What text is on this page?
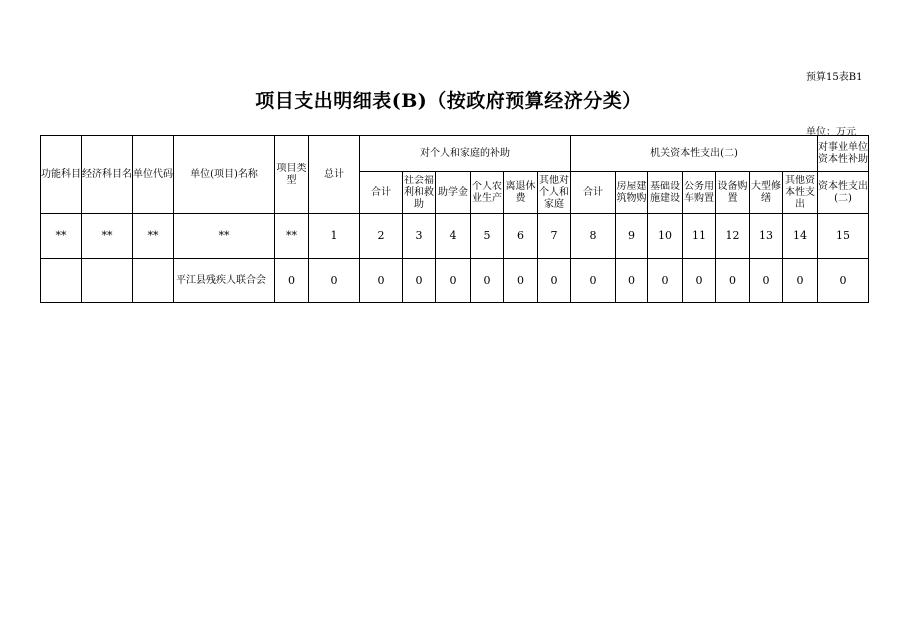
预算15表B1
项目支出明细表(B)（按政府预算经济分类）
单位：万元
功能科目	经济科目名	单位代码	单位(项目)名称	项目类型	总计	对个人和家庭的补助						机关资本性支出(二)							对事业单位资本性补助
						合计	社会福利和救助	助学金	个人农业生产	离退休费	其他对个人和家庭	合计	房屋建筑物购	基础设施建设	公务用车购置	设备购置	大型修缮	其他资本性支出	资本性支出(二)
**	**	**	**	**	1	2	3	4	5	6	7	8	9	10	11	12	13	14	15
			平江县残疾人联合会	0	0	0	0	0	0	0	0	0	0	0	0	0	0	0	0
